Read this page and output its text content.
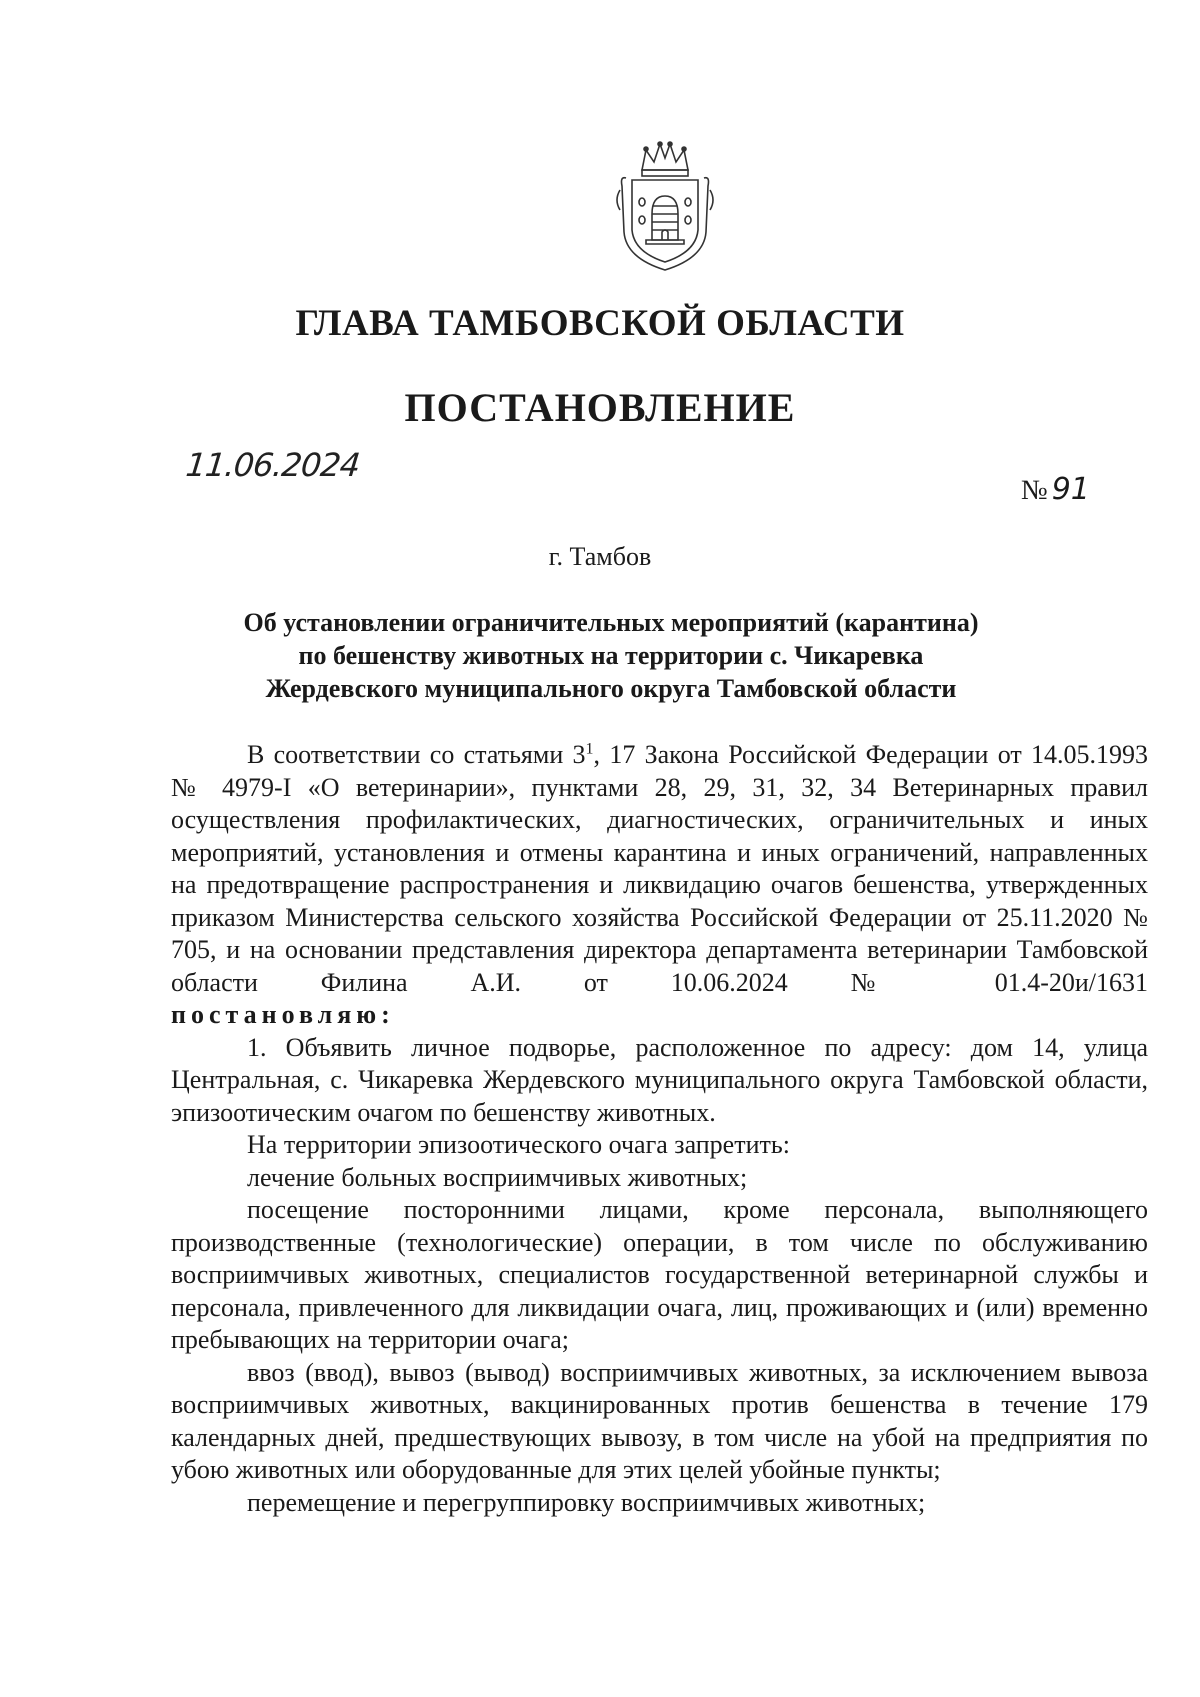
ГЛАВА ТАМБОВСКОЙ ОБЛАСТИ
ПОСТАНОВЛЕНИЕ
11.06.2024
№ 91
г. Тамбов
Об установлении ограничительных мероприятий (карантина)
по бешенству животных на территории с. Чикаревка
Жердевского муниципального округа Тамбовской области

В соответствии со статьями $3^1$, 17 Закона Российской Федерации от 14.05.1993 № 4979-I «О ветеринарии», пунктами 28, 29, 31, 32, 34 Ветеринарных правил осуществления профилактических, диагностических, ограничительных и иных мероприятий, установления и отмены карантина и иных ограничений, направленных на предотвращение распространения и ликвидацию очагов бешенства, утвержденных приказом Министерства сельского хозяйства Российской Федерации от 25.11.2020 № 705, и на основании представления директора департамента ветеринарии Тамбовской области Филина А.И. от 10.06.2024 № 01.4-20и/1631

постановляю:

1. Объявить личное подворье, расположенное по адресу: дом 14, улица Центральная, с. Чикаревка Жердевского муниципального округа Тамбовской области, эпизоотическим очагом по бешенству животных.

На территории эпизоотического очага запретить:

лечение больных восприимчивых животных;

посещение посторонними лицами, кроме персонала, выполняющего производственные (технологические) операции, в том числе по обслуживанию восприимчивых животных, специалистов государственной ветеринарной службы и персонала, привлеченного для ликвидации очага, лиц, проживающих и (или) временно пребывающих на территории очага;

ввоз (ввод), вывоз (вывод) восприимчивых животных, за исключением вывоза восприимчивых животных, вакцинированных против бешенства в течение 179 календарных дней, предшествующих вывозу, в том числе на убой на предприятия по убою животных или оборудованные для этих целей убойные пункты;

перемещение и перегруппировку восприимчивых животных;
